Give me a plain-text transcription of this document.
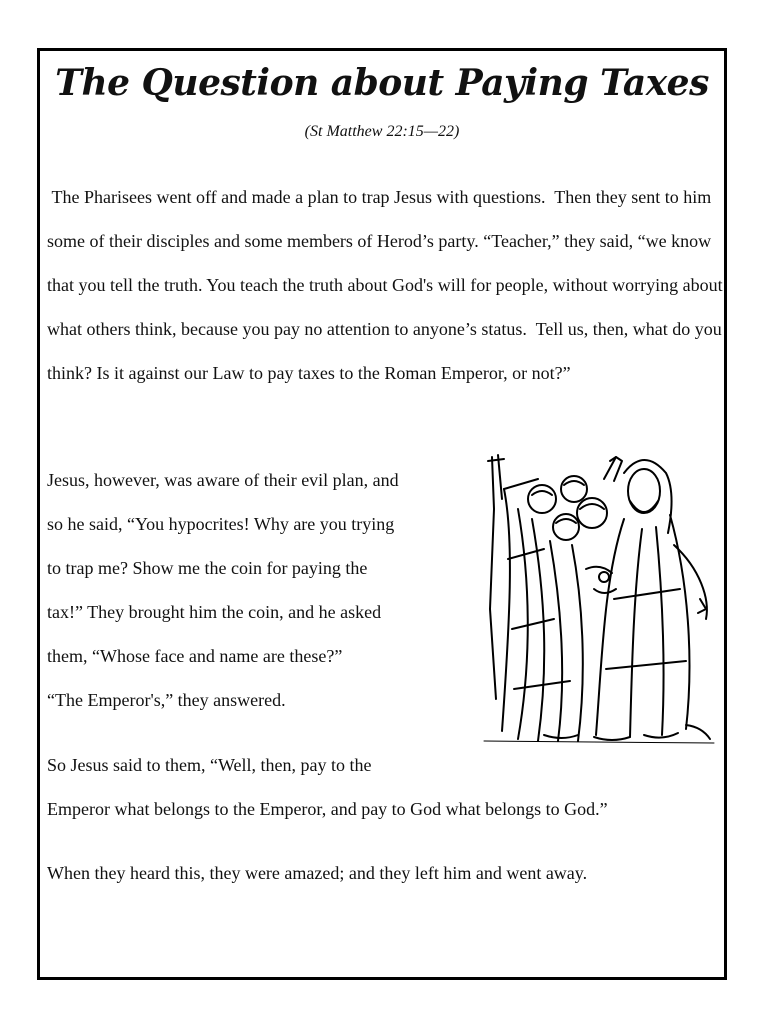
The Question about Paying Taxes

(St Matthew 22:15—22)

The Pharisees went off and made a plan to trap Jesus with questions.  Then they sent to him some of their disciples and some members of Herod’s party. “Teacher,” they said, “we know that you tell the truth. You teach the truth about God's will for people, without worrying about what others think, because you pay no attention to anyone’s status.  Tell us, then, what do you think? Is it against our Law to pay taxes to the Roman Emperor, or not?”

Jesus, however, was aware of their evil plan, and
so he said, “You hypocrites! Why are you trying
to trap me? Show me the coin for paying the
tax!” They brought him the coin, and he asked
them, “Whose face and name are these?”
“The Emperor's,” they answered.

So Jesus said to them, “Well, then, pay to the
Emperor what belongs to the Emperor, and pay to God what belongs to God.”

When they heard this, they were amazed; and they left him and went away.
